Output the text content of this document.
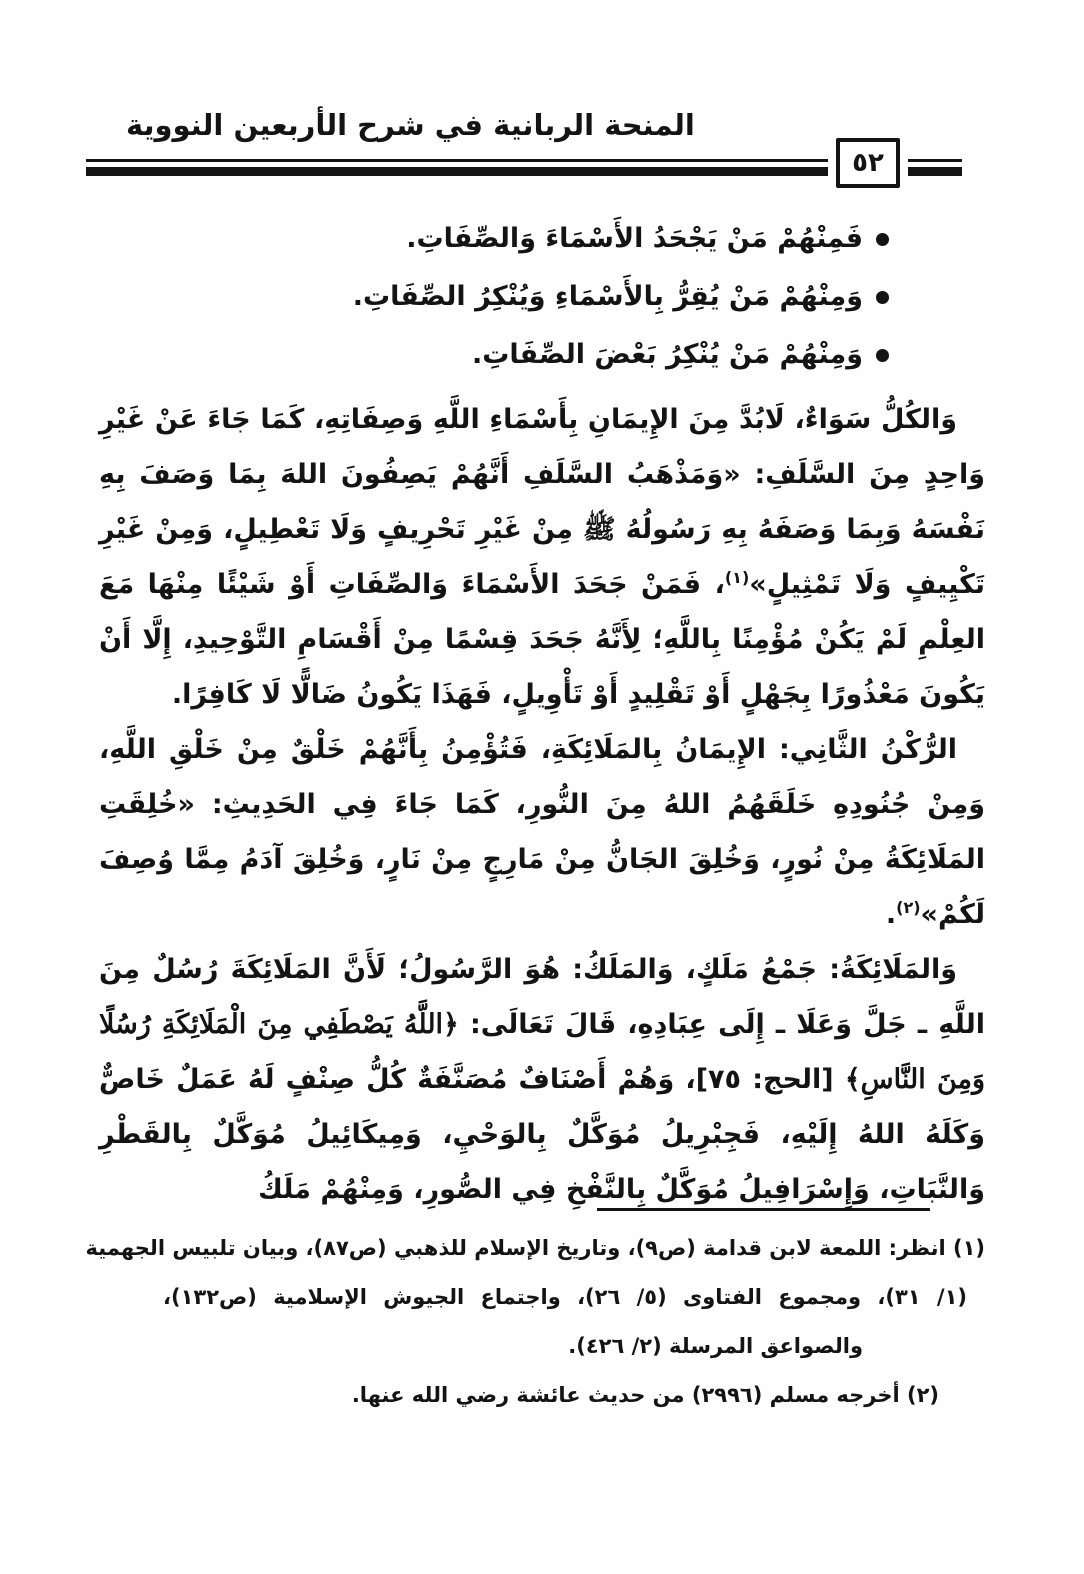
المنحة الربانية في شرح الأربعين النووية
٥٢
فَمِنْهُمْ مَنْ يَجْحَدُ الأَسْمَاءَ وَالصِّفَاتِ.
وَمِنْهُمْ مَنْ يُقِرُّ بِالأَسْمَاءِ وَيُنْكِرُ الصِّفَاتِ.
وَمِنْهُمْ مَنْ يُنْكِرُ بَعْضَ الصِّفَاتِ.

وَالكُلُّ سَوَاءٌ، لَابُدَّ مِنَ الإِيمَانِ بِأَسْمَاءِ اللَّهِ وَصِفَاتِهِ، كَمَا جَاءَ عَنْ غَيْرِ وَاحِدٍ مِنَ السَّلَفِ: «وَمَذْهَبُ السَّلَفِ أَنَّهُمْ يَصِفُونَ اللهَ بِمَا وَصَفَ بِهِ نَفْسَهُ وَبِمَا وَصَفَهُ بِهِ رَسُولُهُ ﷺ مِنْ غَيْرِ تَحْرِيفٍ وَلَا تَعْطِيلٍ، وَمِنْ غَيْرِ تَكْيِيفٍ وَلَا تَمْثِيلٍ»$^{(١)}$، فَمَنْ جَحَدَ الأَسْمَاءَ وَالصِّفَاتِ أَوْ شَيْئًا مِنْهَا مَعَ العِلْمِ لَمْ يَكُنْ مُؤْمِنًا بِاللَّهِ؛ لِأَنَّهُ جَحَدَ قِسْمًا مِنْ أَقْسَامِ التَّوْحِيدِ، إِلَّا أَنْ يَكُونَ مَعْذُورًا بِجَهْلٍ أَوْ تَقْلِيدٍ أَوْ تَأْوِيلٍ، فَهَذَا يَكُونُ ضَالًّا لَا كَافِرًا.

الرُّكْنُ الثَّانِي: الإِيمَانُ بِالمَلَائِكَةِ، فَتُؤْمِنُ بِأَنَّهُمْ خَلْقٌ مِنْ خَلْقِ اللَّهِ، وَمِنْ جُنُودِهِ خَلَقَهُمُ اللهُ مِنَ النُّورِ، كَمَا جَاءَ فِي الحَدِيثِ: «خُلِقَتِ المَلَائِكَةُ مِنْ نُورٍ، وَخُلِقَ الجَانُّ مِنْ مَارِجٍ مِنْ نَارٍ، وَخُلِقَ آدَمُ مِمَّا وُصِفَ لَكُمْ»$^{(٢)}$.

وَالمَلَائِكَةُ: جَمْعُ مَلَكٍ، وَالمَلَكُ: هُوَ الرَّسُولُ؛ لَأَنَّ المَلَائِكَةَ رُسُلٌ مِنَ اللَّهِ ـ جَلَّ وَعَلَا ـ إِلَى عِبَادِهِ، قَالَ تَعَالَى: ﴿اللَّهُ يَصْطَفِي مِنَ الْمَلَائِكَةِ رُسُلًا وَمِنَ النَّاسِ﴾ [الحج: ٧٥]، وَهُمْ أَصْنَافٌ مُصَنَّفَةٌ كُلُّ صِنْفٍ لَهُ عَمَلٌ خَاصٌّ وَكَلَهُ اللهُ إِلَيْهِ، فَجِبْرِيلُ مُوَكَّلٌ بِالوَحْيِ، وَمِيكَائِيلُ مُوَكَّلٌ بِالقَطْرِ وَالنَّبَاتِ، وَإِسْرَافِيلُ مُوَكَّلٌ بِالنَّفْخِ فِي الصُّورِ، وَمِنْهُمْ مَلَكُ

(١) انظر: اللمعة لابن قدامة (ص٩)، وتاريخ الإسلام للذهبي (ص٨٧)، وبيان تلبيس الجهمية
(١/ ٣١)، ومجموع الفتاوى (٥/ ٢٦)، واجتماع الجيوش الإسلامية (ص١٣٢)،
والصواعق المرسلة (٢/ ٤٢٦).
(٢) أخرجه مسلم (٢٩٩٦) من حديث عائشة رضي الله عنها.
